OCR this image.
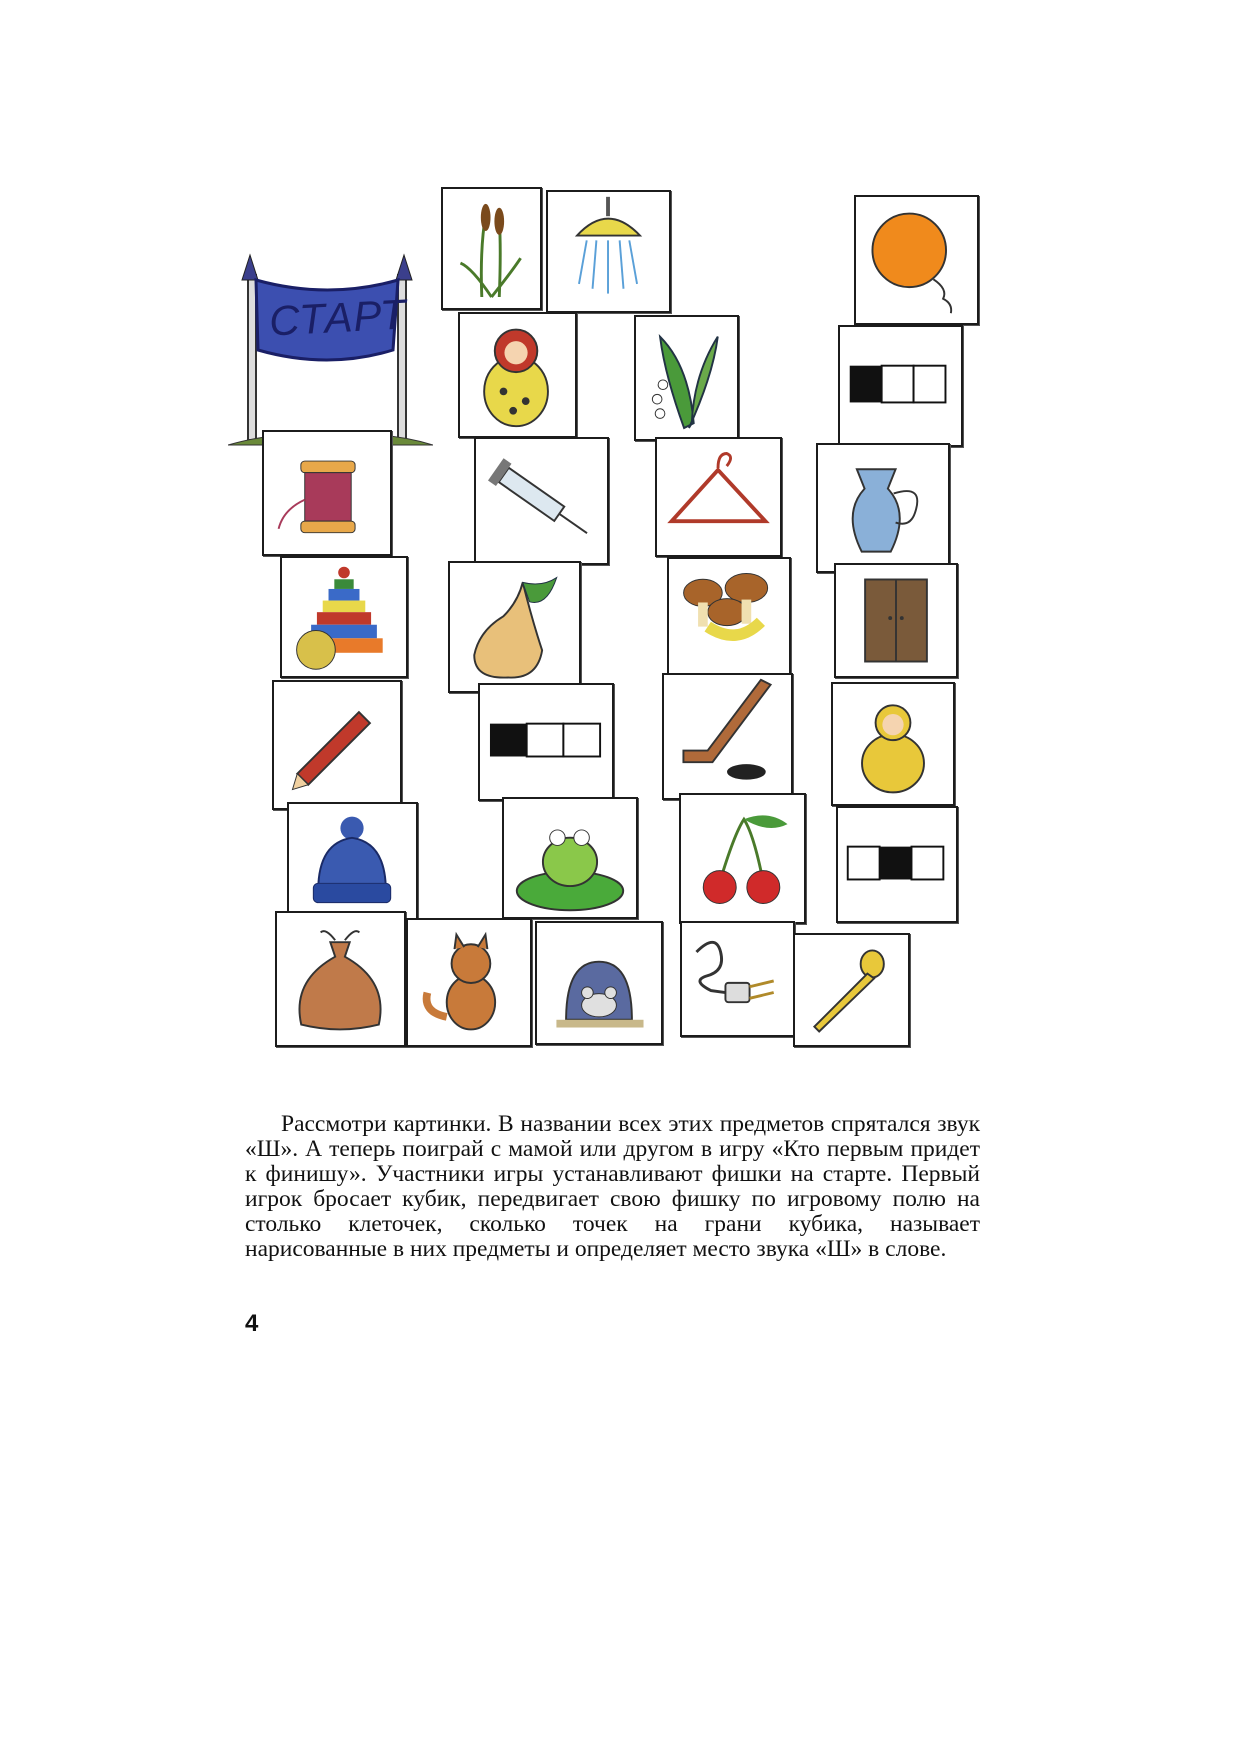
СТАРТ

Рассмотри картинки. В названии всех этих предметов спрятался звук «Ш». А теперь поиграй с мамой или другом в игру «Кто первым придет к финишу». Участники игры устанавливают фишки на старте. Первый игрок бросает кубик, передвигает свою фишку по игровому полю на столько клеточек, сколько точек на грани кубика, называет нарисованные в них предметы и определяет место звука «Ш» в слове.

4
